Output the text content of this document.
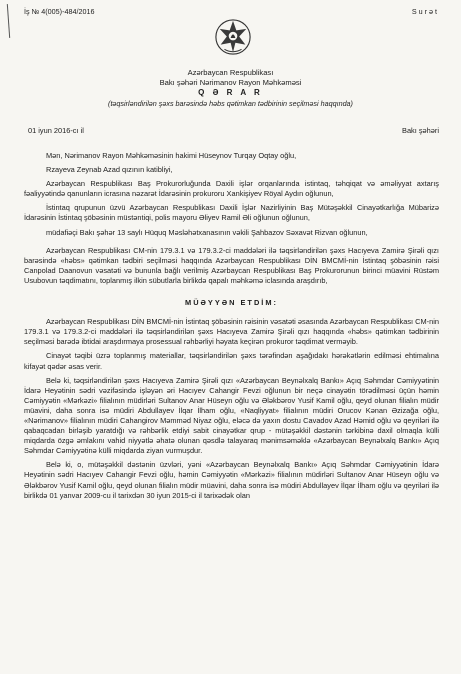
İş № 4(005)-484/2016	Surət
Azərbaycan Respublikası
Bakı şəhəri Nərimanov Rayon Məhkəməsi
Q Ə R A R
(təqsirləndirilən şəxs barəsində həbs qətimkan tədbirinin seçilməsi haqqında)
01 iyun 2016-cı il	Bakı şəhəri

Mən, Nərimanov Rayon Məhkəməsinin hakimi Hüseynov Turqay Oqtay oğlu,

Rzayeva Zeynab Azad qızının katibliyi,

Azərbaycan Respublikası Baş Prokurorluğunda Daxili işlər orqanlarında istintaq, təhqiqat və əməliyyat axtarış fəaliyyətində qanunların icrasına nəzarət İdarəsinin prokuroru Xankişiyev Röyal Aydın oğlunun,

İstintaq qrupunun üzvü Azərbaycan Respublikası Daxili İşlər Nazirliyinin Baş Mütəşəkkil Cinayətkarlığa Mübarizə İdarəsinin İstintaq şöbəsinin müstəntiqi, polis mayoru Əliyev Ramil Əli oğlunun oğlunun,

müdafiəçi Bakı şəhər 13 saylı Hüquq Məsləhətxanasının vəkili Şahbazov Səxavət Rizvan oğlunun,

Azərbaycan Respublikası CM-nin 179.3.1 və 179.3.2-ci maddələri ilə təqsirləndirilən şəxs Hacıyeva Zamirə Şirəli qızı barəsində «həbs» qətimkan tədbiri seçilməsi haqqında Azərbaycan Respublikası DİN BMCMİ-nin İstintaq şöbəsinin rəisi Canpolad Daanovun vəsatəti və bununla bağlı verilmiş Azərbaycan Respublikası Baş Prokurorunun birinci müavini Rüstəm Usubovun təqdimatını, toplanmış ilkin sübutlarla birlikdə qapalı məhkəmə iclasında araşdırıb,

MÜƏYYƏN ETDİM:

Azərbaycan Respublikası DİN BMCMİ-nin İstintaq şöbəsinin rəisinin vəsatəti əsasında Azərbaycan Respublikası CM-nin 179.3.1 və 179.3.2-ci maddələri ilə təqsirləndirilən şəxs Hacıyeva Zamirə Şirəli qızı haqqında «həbs» qətimkan tədbirinin seçilməsi barədə ibtidai araşdırmaya prosessual rəhbərliyi həyata keçirən prokuror təqdimat verməyib.

Cinayət təqibi üzrə toplanmış materiallar, təqsirləndirilən şəxs tərəfindən aşağıdakı hərəkətlərin edilməsi ehtimalına kifayət qədər əsas verir.

Belə ki, təqsirləndirilən şəxs Hacıyeva Zamirə Şirəli qızı «Azərbaycan Beynəlxalq Bankı» Açıq Səhmdar Cəmiyyətinin İdarə Heyətinin sədri vəzifəsində işləyən əri Hacıyev Cahangir Fevzi oğlunun bir neçə cinayətin törədilməsi üçün həmin Cəmiyyətin «Mərkəzi» filialının müdirləri Sultanov Anar Hüseyn oğlu və Ələkbərov Yusif Kamil oğlu, qeyd olunan filialın müdir müavini, daha sonra isə müdiri Abdullayev İlqar İlham oğlu, «Naqliyyat» filialının müdiri Orucov Kənan Əzizağa oğlu, «Nərimanov» filialının müdiri Cahangirov Məmməd Niyaz oğlu, eləcə də yaxın dostu Cavadov Azad Həmid oğlu və qeyriləri ilə qabaqcadan birləşib yaratdığı və rəhbərlik etdiyi sabit cinayətkar qrup - mütəşəkkil dəstənin tərkibinə daxil olmaqla külli miqdarda özgə əmlakını vahid niyyətlə əhatə olunan qəsdlə talayaraq mənimsəməklə «Azərbaycan Beynəlxalq Bankı» Açıq Səhmdar Cəmiyyətinə külli miqdarda ziyan vurmuşdur.

Belə ki, o, mütəşəkkil dəstənin üzvləri, yəni «Azərbaycan Beynəlxalq Bankı» Açıq Səhmdar Cəmiyyətinin İdarə Heyətinin sədri Hacıyev Cahangir Fevzi oğlu, həmin Cəmiyyətin «Mərkəzi» filialının müdirləri Sultanov Anar Hüseyn oğlu və Ələkbərov Yusif Kamil oğlu, qeyd olunan filialın müdir müavini, daha sonra isə müdiri Abdullayev İlqar İlham oğlu və qeyriləri ilə birlikdə 01 yanvar 2009-cu il tarixdən 30 iyun 2015-ci il tarixədək olan
